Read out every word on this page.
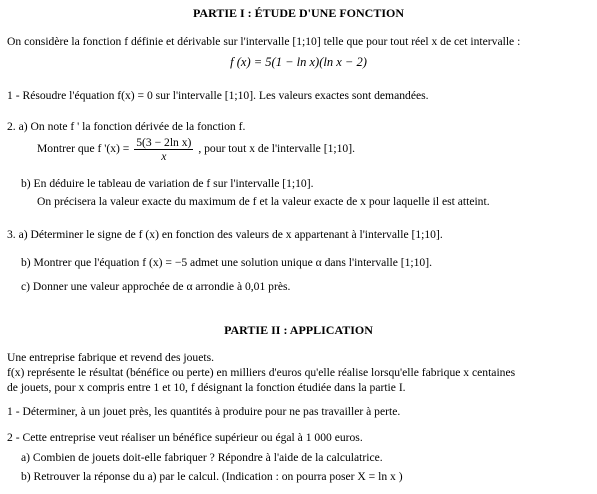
PARTIE I : ÉTUDE D'UNE FONCTION
On considère la fonction f définie et dérivable sur l'intervalle [1;10] telle que pour tout réel x de cet intervalle :
f (x) = 5(1 − ln x)(ln x − 2)
1 - Résoudre l'équation f(x) = 0 sur l'intervalle [1;10]. Les valeurs exactes sont demandées.
2. a) On note f ' la fonction dérivée de la fonction f.
Montrer que f '$(x) = \frac{\text{5(3 − 2ln x)}}{x}$ , pour tout x de l'intervalle [1;10].
b) En déduire le tableau de variation de f sur l'intervalle [1;10].
On précisera la valeur exacte du maximum de f et la valeur exacte de x pour laquelle il est atteint.
3. a) Déterminer le signe de f (x) en fonction des valeurs de x appartenant à l'intervalle [1;10].
b) Montrer que l'équation f (x) = −5 admet une solution unique α dans l'intervalle [1;10].
c) Donner une valeur approchée de α arrondie à 0,01 près.
PARTIE II : APPLICATION
Une entreprise fabrique et revend des jouets.
f(x) représente le résultat (bénéfice ou perte) en milliers d'euros qu'elle réalise lorsqu'elle fabrique x centaines
de jouets, pour x compris entre 1 et 10, f désignant la fonction étudiée dans la partie I.
1 - Déterminer, à un jouet près, les quantités à produire pour ne pas travailler à perte.
2 - Cette entreprise veut réaliser un bénéfice supérieur ou égal à 1 000 euros.
a) Combien de jouets doit-elle fabriquer ? Répondre à l'aide de la calculatrice.
b) Retrouver la réponse du a) par le calcul. (Indication : on pourra poser X = ln x )
